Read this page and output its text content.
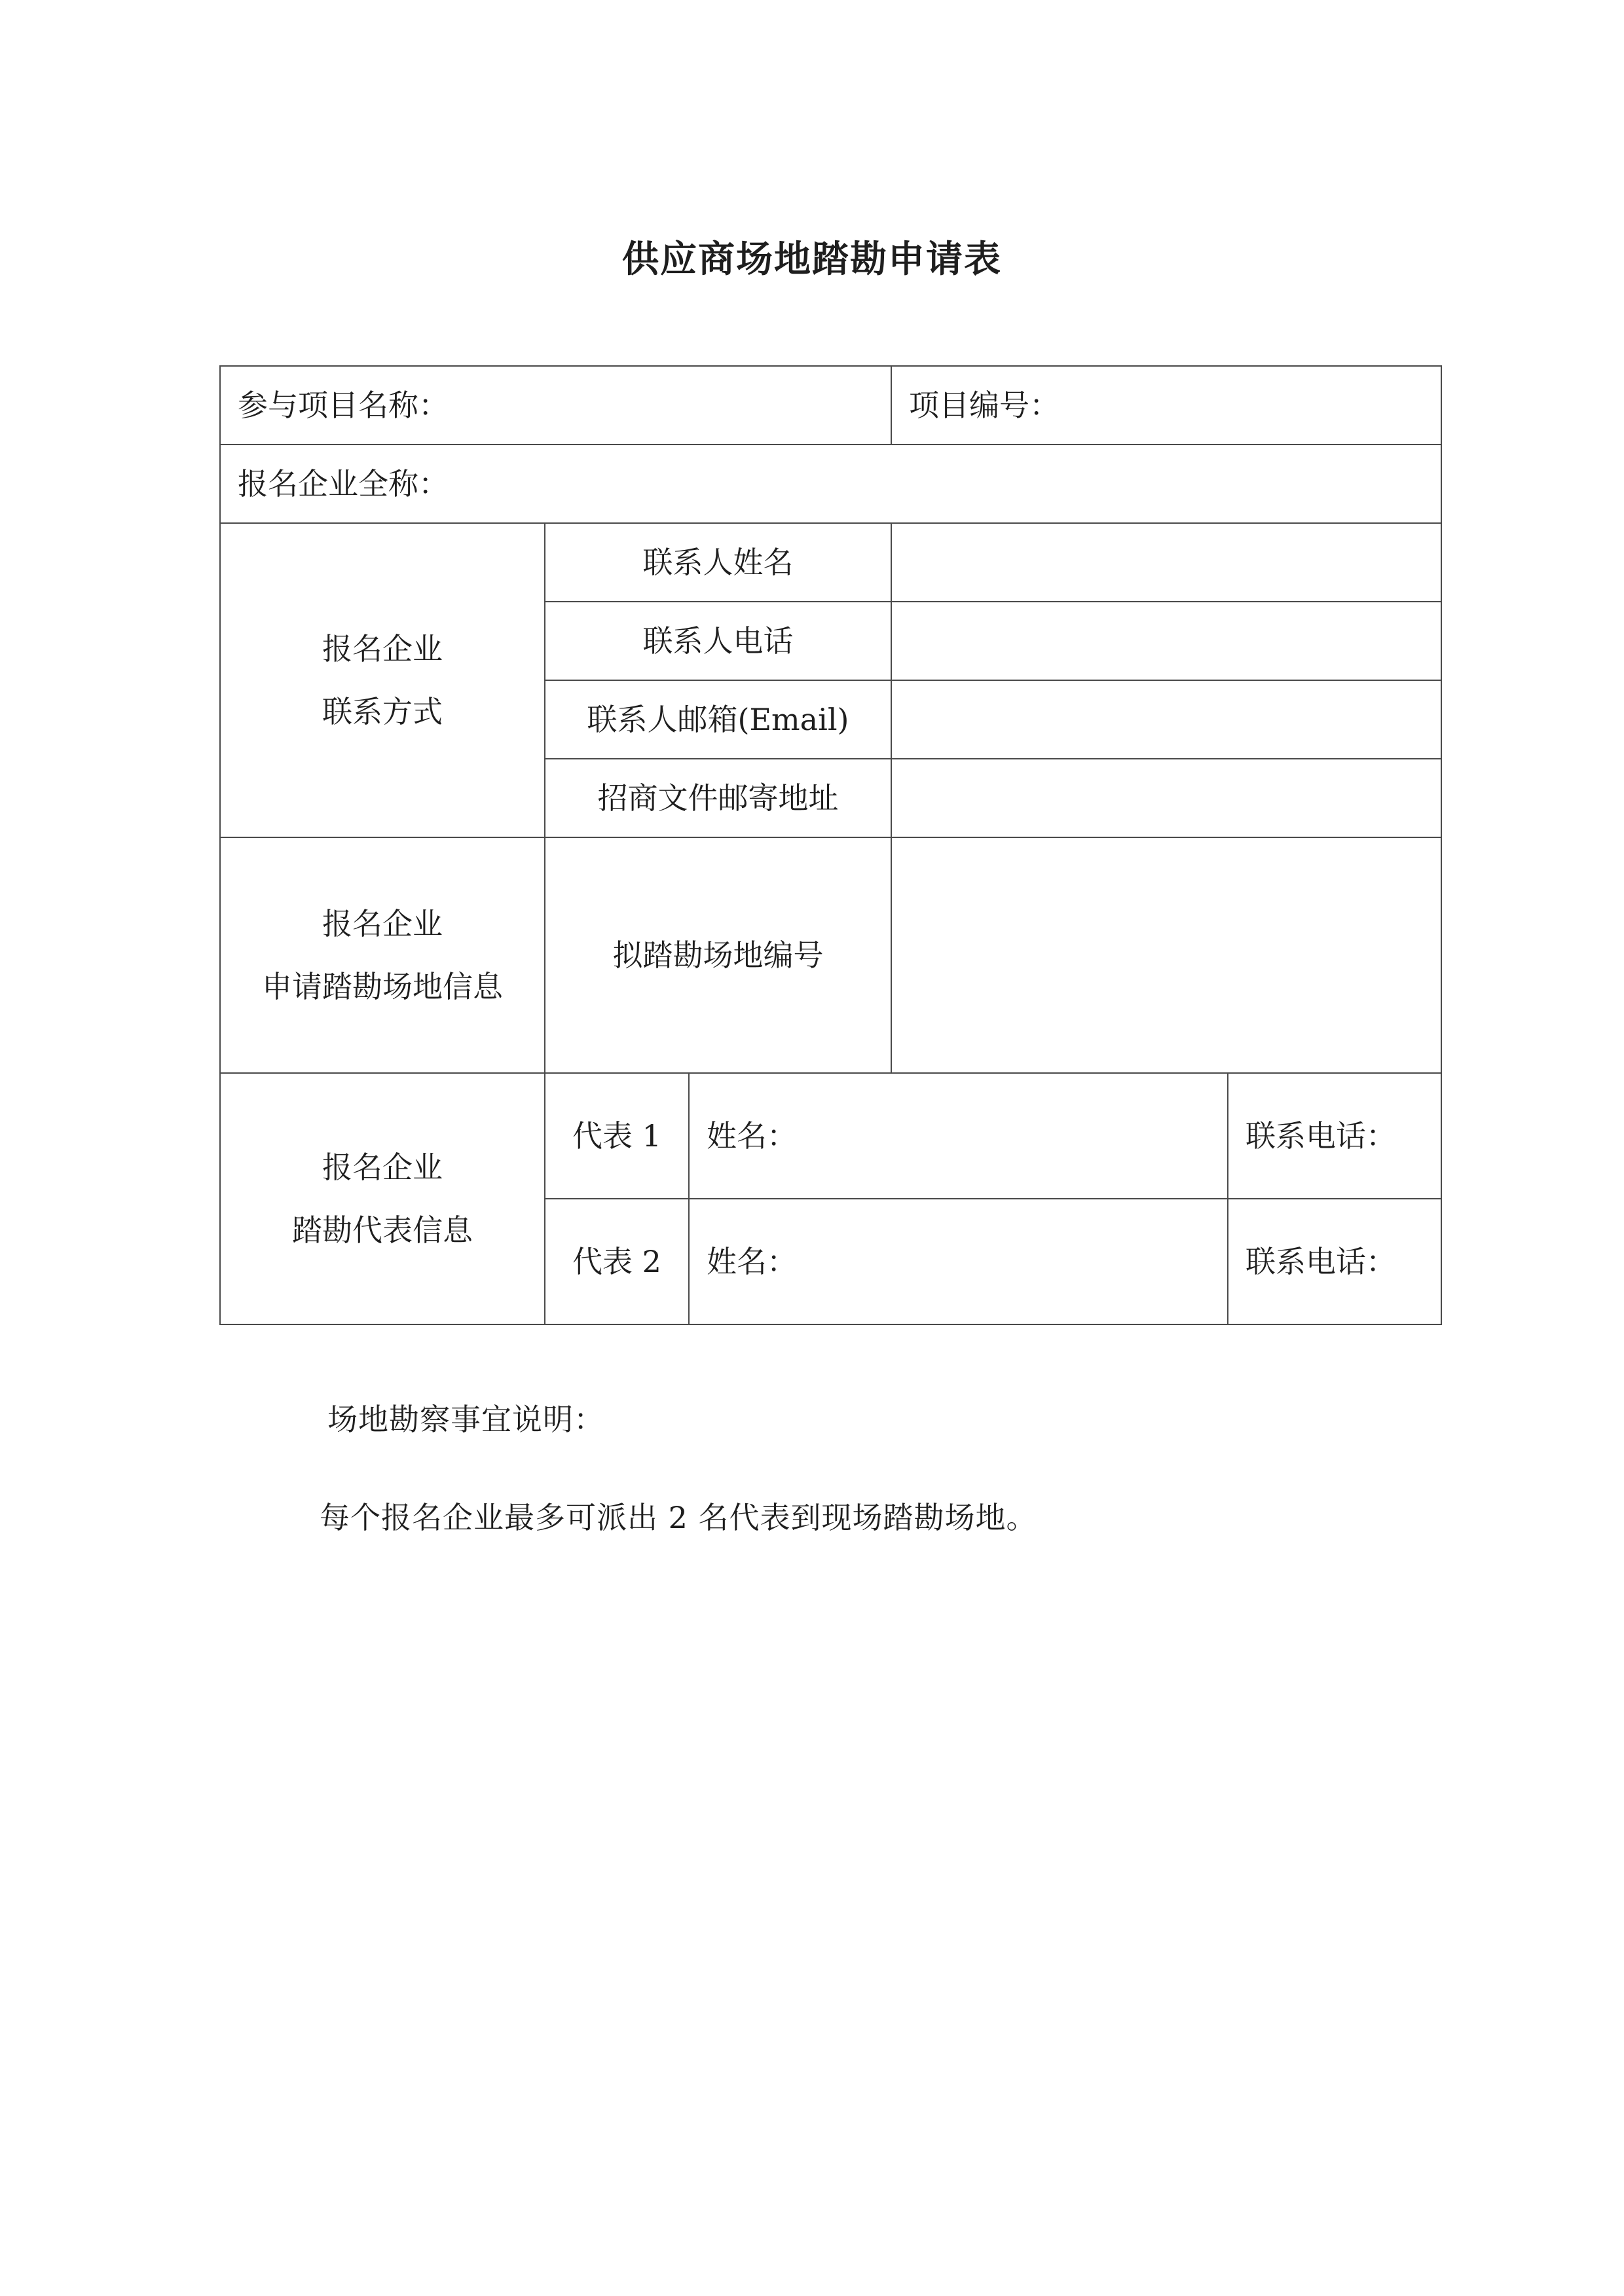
供应商场地踏勘申请表
参与项目名称：			项目编号：	
报名企业全称：				

报名企业
联系方式	联系人姓名			
	联系人电话			
	联系人邮箱(Email)			
	招商文件邮寄地址			

报名企业
申请踏勘场地信息	拟踏勘场地编号			

报名企业
踏勘代表信息	代表 1	姓名：		联系电话：
	代表 2	姓名：		联系电话：
场地勘察事宜说明：
每个报名企业最多可派出 2 名代表到现场踏勘场地。
